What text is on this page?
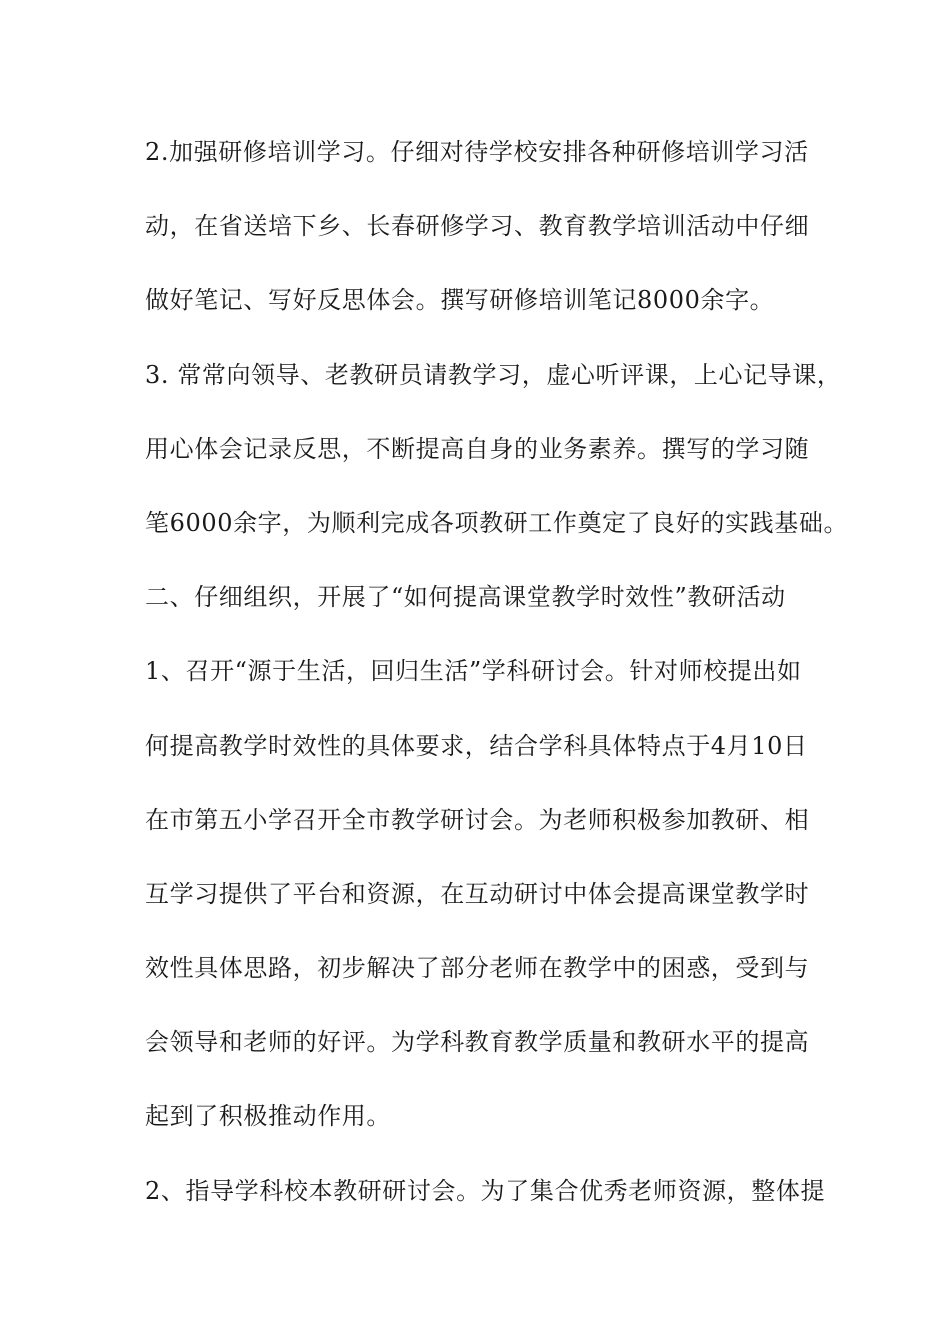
2.加强研修培训学习。仔细对待学校安排各种研修培训学习活
动，在省送培下乡、长春研修学习、教育教学培训活动中仔细
做好笔记、写好反思体会。撰写研修培训笔记8000余字。
3. 常常向领导、老教研员请教学习，虚心听评课，上心记导课，
用心体会记录反思，不断提高自身的业务素养。撰写的学习随
笔6000余字，为顺利完成各项教研工作奠定了良好的实践基础。
二、仔细组织，开展了“如何提高课堂教学时效性”教研活动
1、召开“源于生活，回归生活”学科研讨会。针对师校提出如
何提高教学时效性的具体要求，结合学科具体特点于4月10日
在市第五小学召开全市教学研讨会。为老师积极参加教研、相
互学习提供了平台和资源，在互动研讨中体会提高课堂教学时
效性具体思路，初步解决了部分老师在教学中的困惑，受到与
会领导和老师的好评。为学科教育教学质量和教研水平的提高
起到了积极推动作用。
2、指导学科校本教研研讨会。为了集合优秀老师资源，整体提
